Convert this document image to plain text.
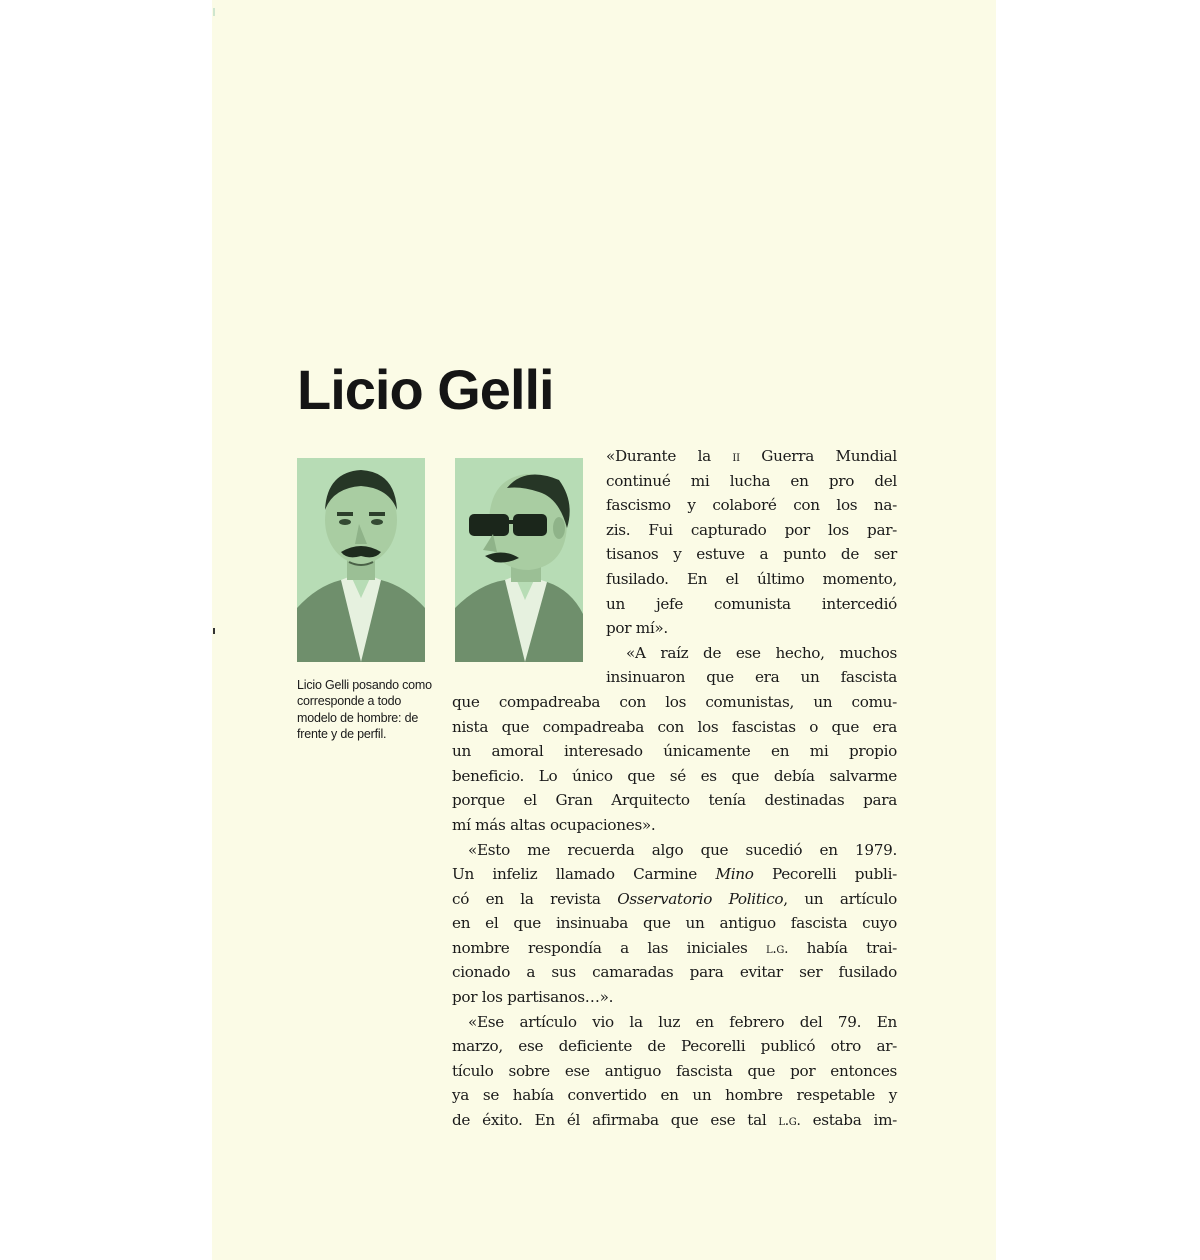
Licio Gelli

Licio Gelli posando como corresponde a todo modelo de hombre: de frente y de perfil.

«Durante la ii Guerra Mundial
continué mi lucha en pro del
fascismo y colaboré con los na-
zis. Fui capturado por los par-
tisanos y estuve a punto de ser
fusilado. En el último momento,
un jefe comunista intercedió
por mí».
«A raíz de ese hecho, muchos
insinuaron que era un fascista
que compadreaba con los comunistas, un comu-
nista que compadreaba con los fascistas o que era
un amoral interesado únicamente en mi propio
beneficio. Lo único que sé es que debía salvarme
porque el Gran Arquitecto tenía destinadas para
mí más altas ocupaciones».
«Esto me recuerda algo que sucedió en 1979.
Un infeliz llamado Carmine Mino Pecorelli publi-
có en la revista Osservatorio Politico, un artículo
en el que insinuaba que un antiguo fascista cuyo
nombre respondía a las iniciales l.g. había trai-
cionado a sus camaradas para evitar ser fusilado
por los partisanos…».
«Ese artículo vio la luz en febrero del 79. En
marzo, ese deficiente de Pecorelli publicó otro ar-
tículo sobre ese antiguo fascista que por entonces
ya se había convertido en un hombre respetable y
de éxito. En él afirmaba que ese tal l.g. estaba im-
